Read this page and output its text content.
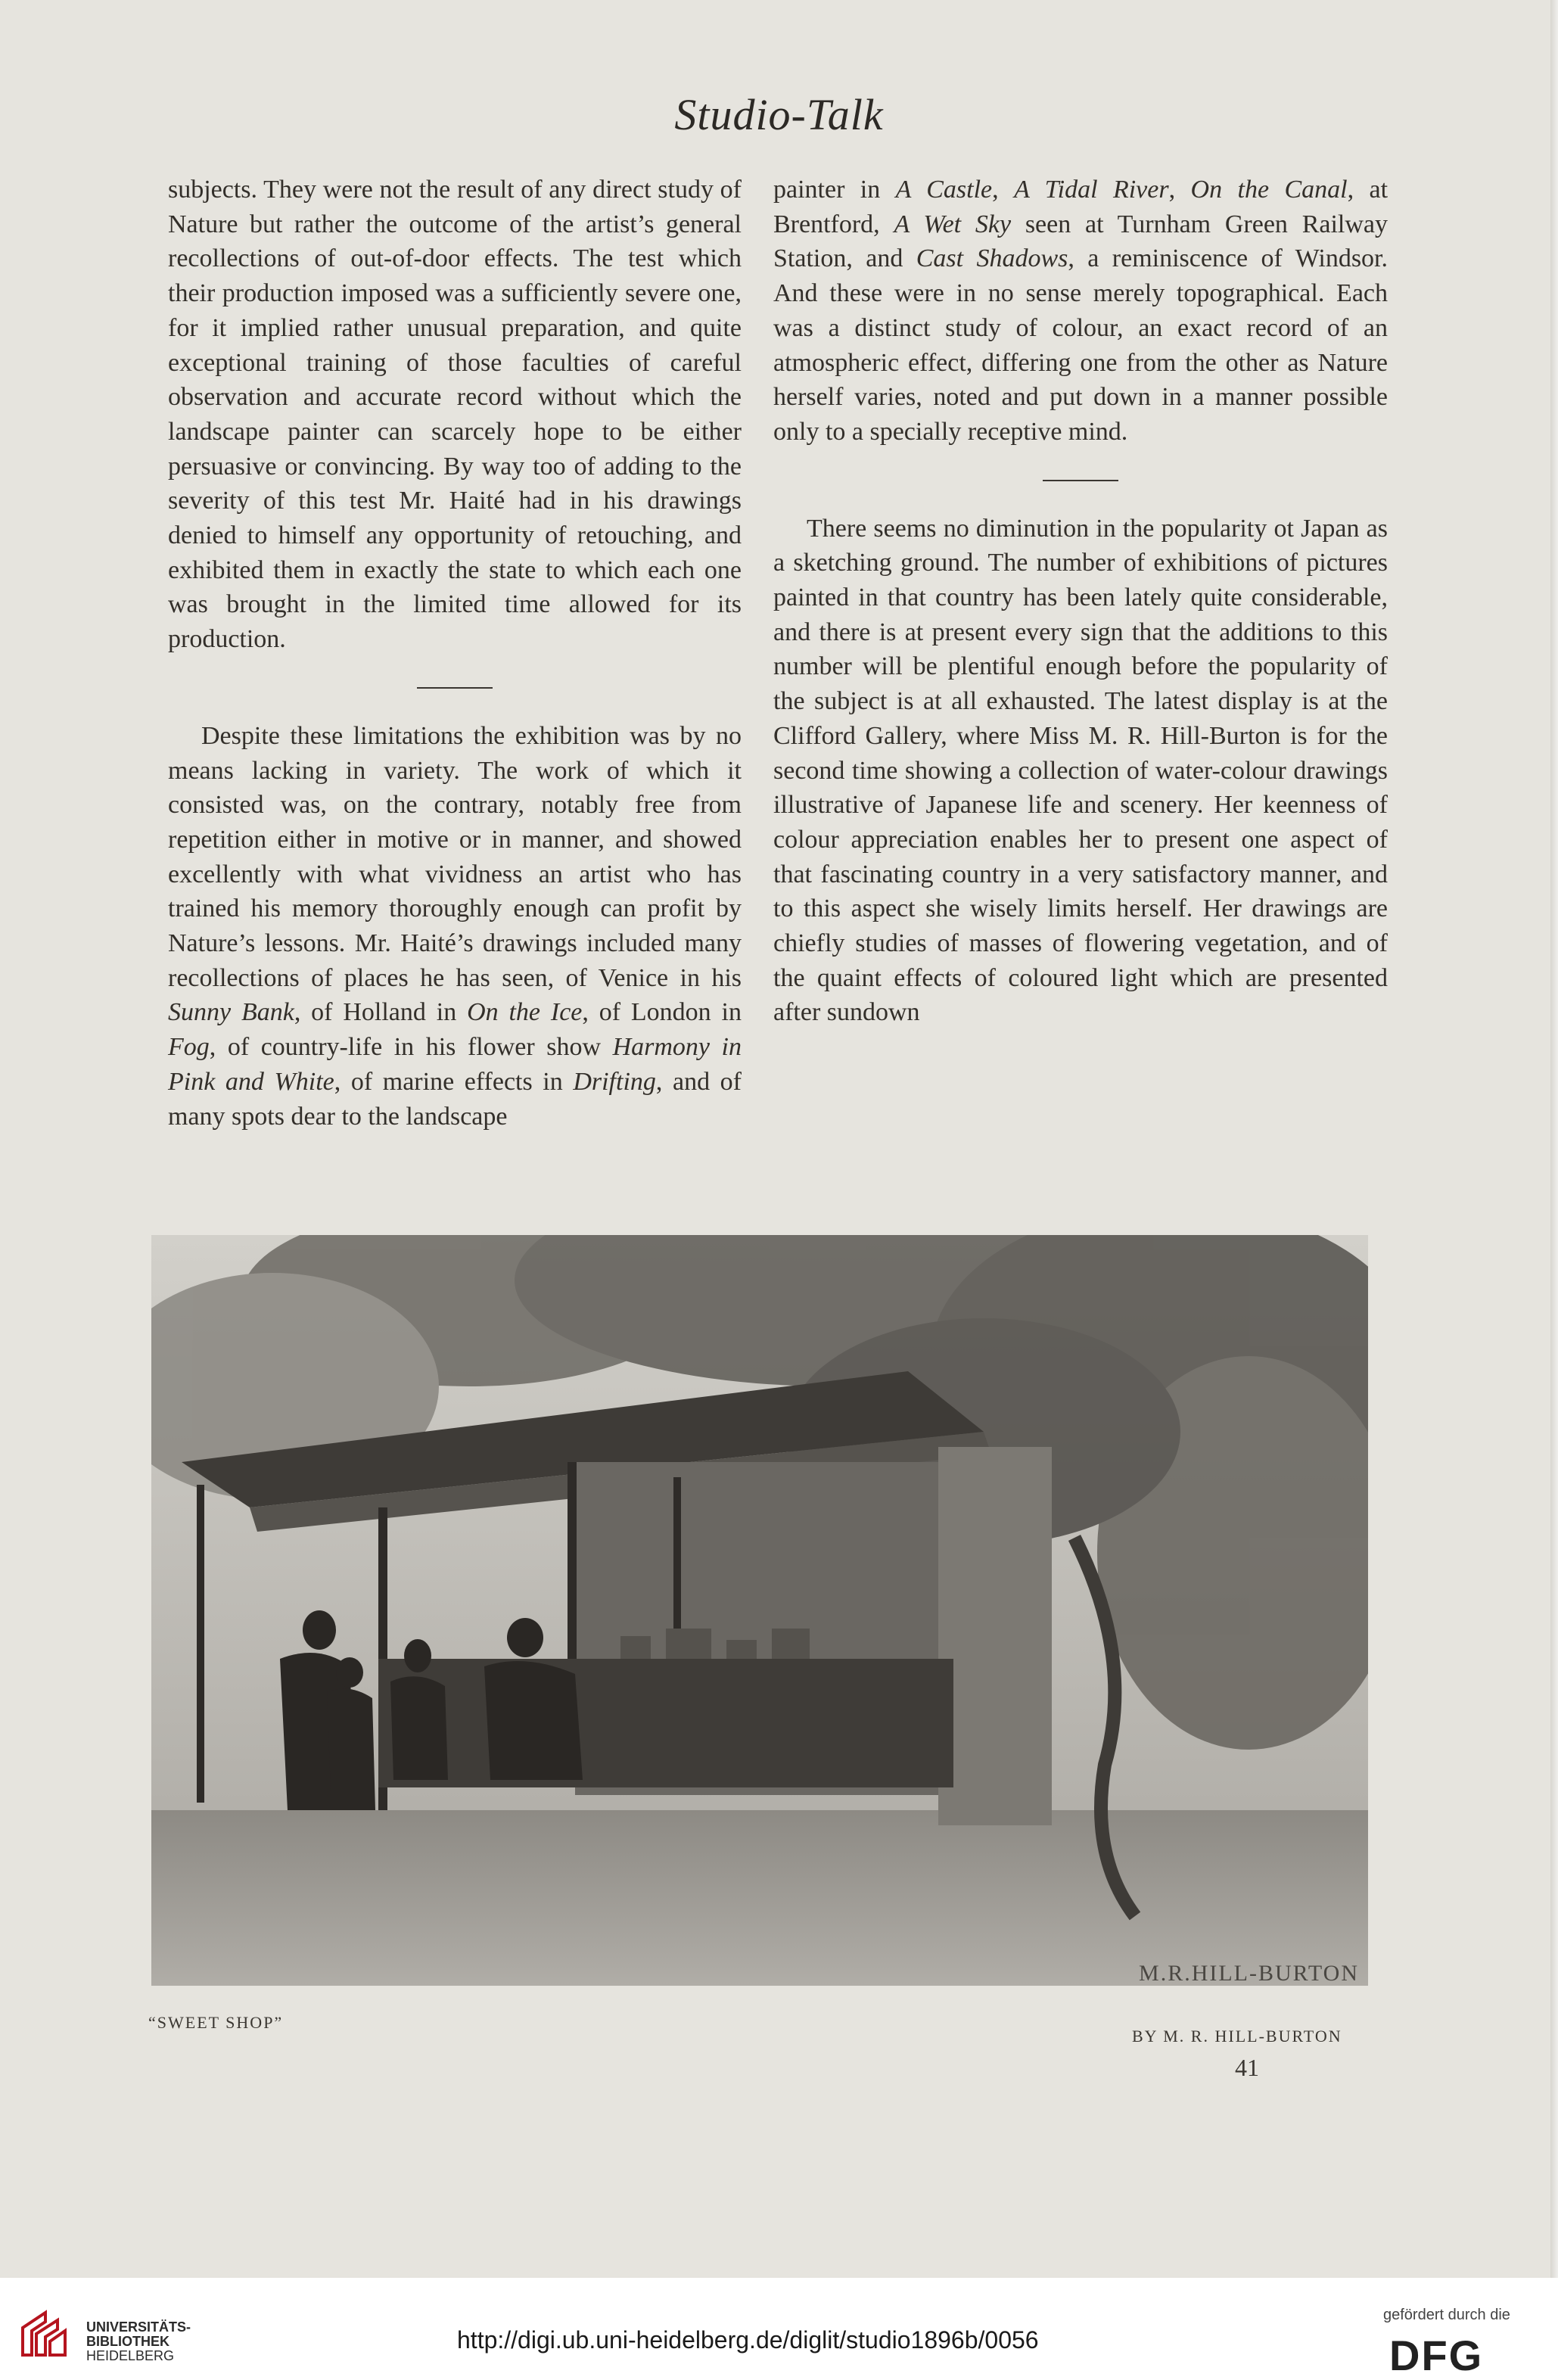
Studio-Talk

subjects. They were not the result of any direct study of Nature but rather the outcome of the artist’s general recollections of out-of-door effects. The test which their production imposed was a sufficiently severe one, for it implied rather unusual preparation, and quite exceptional training of those faculties of careful observation and accurate record without which the landscape painter can scarcely hope to be either persuasive or convincing. By way too of adding to the severity of this test Mr. Haité had in his drawings denied to himself any opportunity of retouching, and exhibited them in exactly the state to which each one was brought in the limited time allowed for its production.

Despite these limitations the exhibition was by no means lacking in variety. The work of which it consisted was, on the contrary, notably free from repetition either in motive or in manner, and showed excellently with what vividness an artist who has trained his memory thoroughly enough can profit by Nature’s lessons. Mr. Haité’s drawings included many recollections of places he has seen, of Venice in his Sunny Bank, of Holland in On the Ice, of London in Fog, of country-life in his flower show Harmony in Pink and White, of marine effects in Drifting, and of many spots dear to the landscape

painter in A Castle, A Tidal River, On the Canal, at Brentford, A Wet Sky seen at Turnham Green Railway Station, and Cast Shadows, a reminiscence of Windsor. And these were in no sense merely topographical. Each was a distinct study of colour, an exact record of an atmospheric effect, differing one from the other as Nature herself varies, noted and put down in a manner possible only to a specially receptive mind.

There seems no diminution in the popularity ot Japan as a sketching ground. The number of exhibitions of pictures painted in that country has been lately quite considerable, and there is at present every sign that the additions to this number will be plentiful enough before the popularity of the subject is at all exhausted. The latest display is at the Clifford Gallery, where Miss M. R. Hill-Burton is for the second time showing a collection of water-colour drawings illustrative of Japanese life and scenery. Her keenness of colour appreciation enables her to present one aspect of that fascinating country in a very satisfactory manner, and to this aspect she wisely limits herself. Her drawings are chiefly studies of masses of flowering vegetation, and of the quaint effects of coloured light which are presented after sundown

M.R.HILL-BURTON
“SWEET SHOP”
BY M. R. HILL-BURTON
41
UNIVERSITÄTS-
BIBLIOTHEK
HEIDELBERG
http://digi.ub.uni-heidelberg.de/diglit/studio1896b/0056
gefördert durch die
DFG
